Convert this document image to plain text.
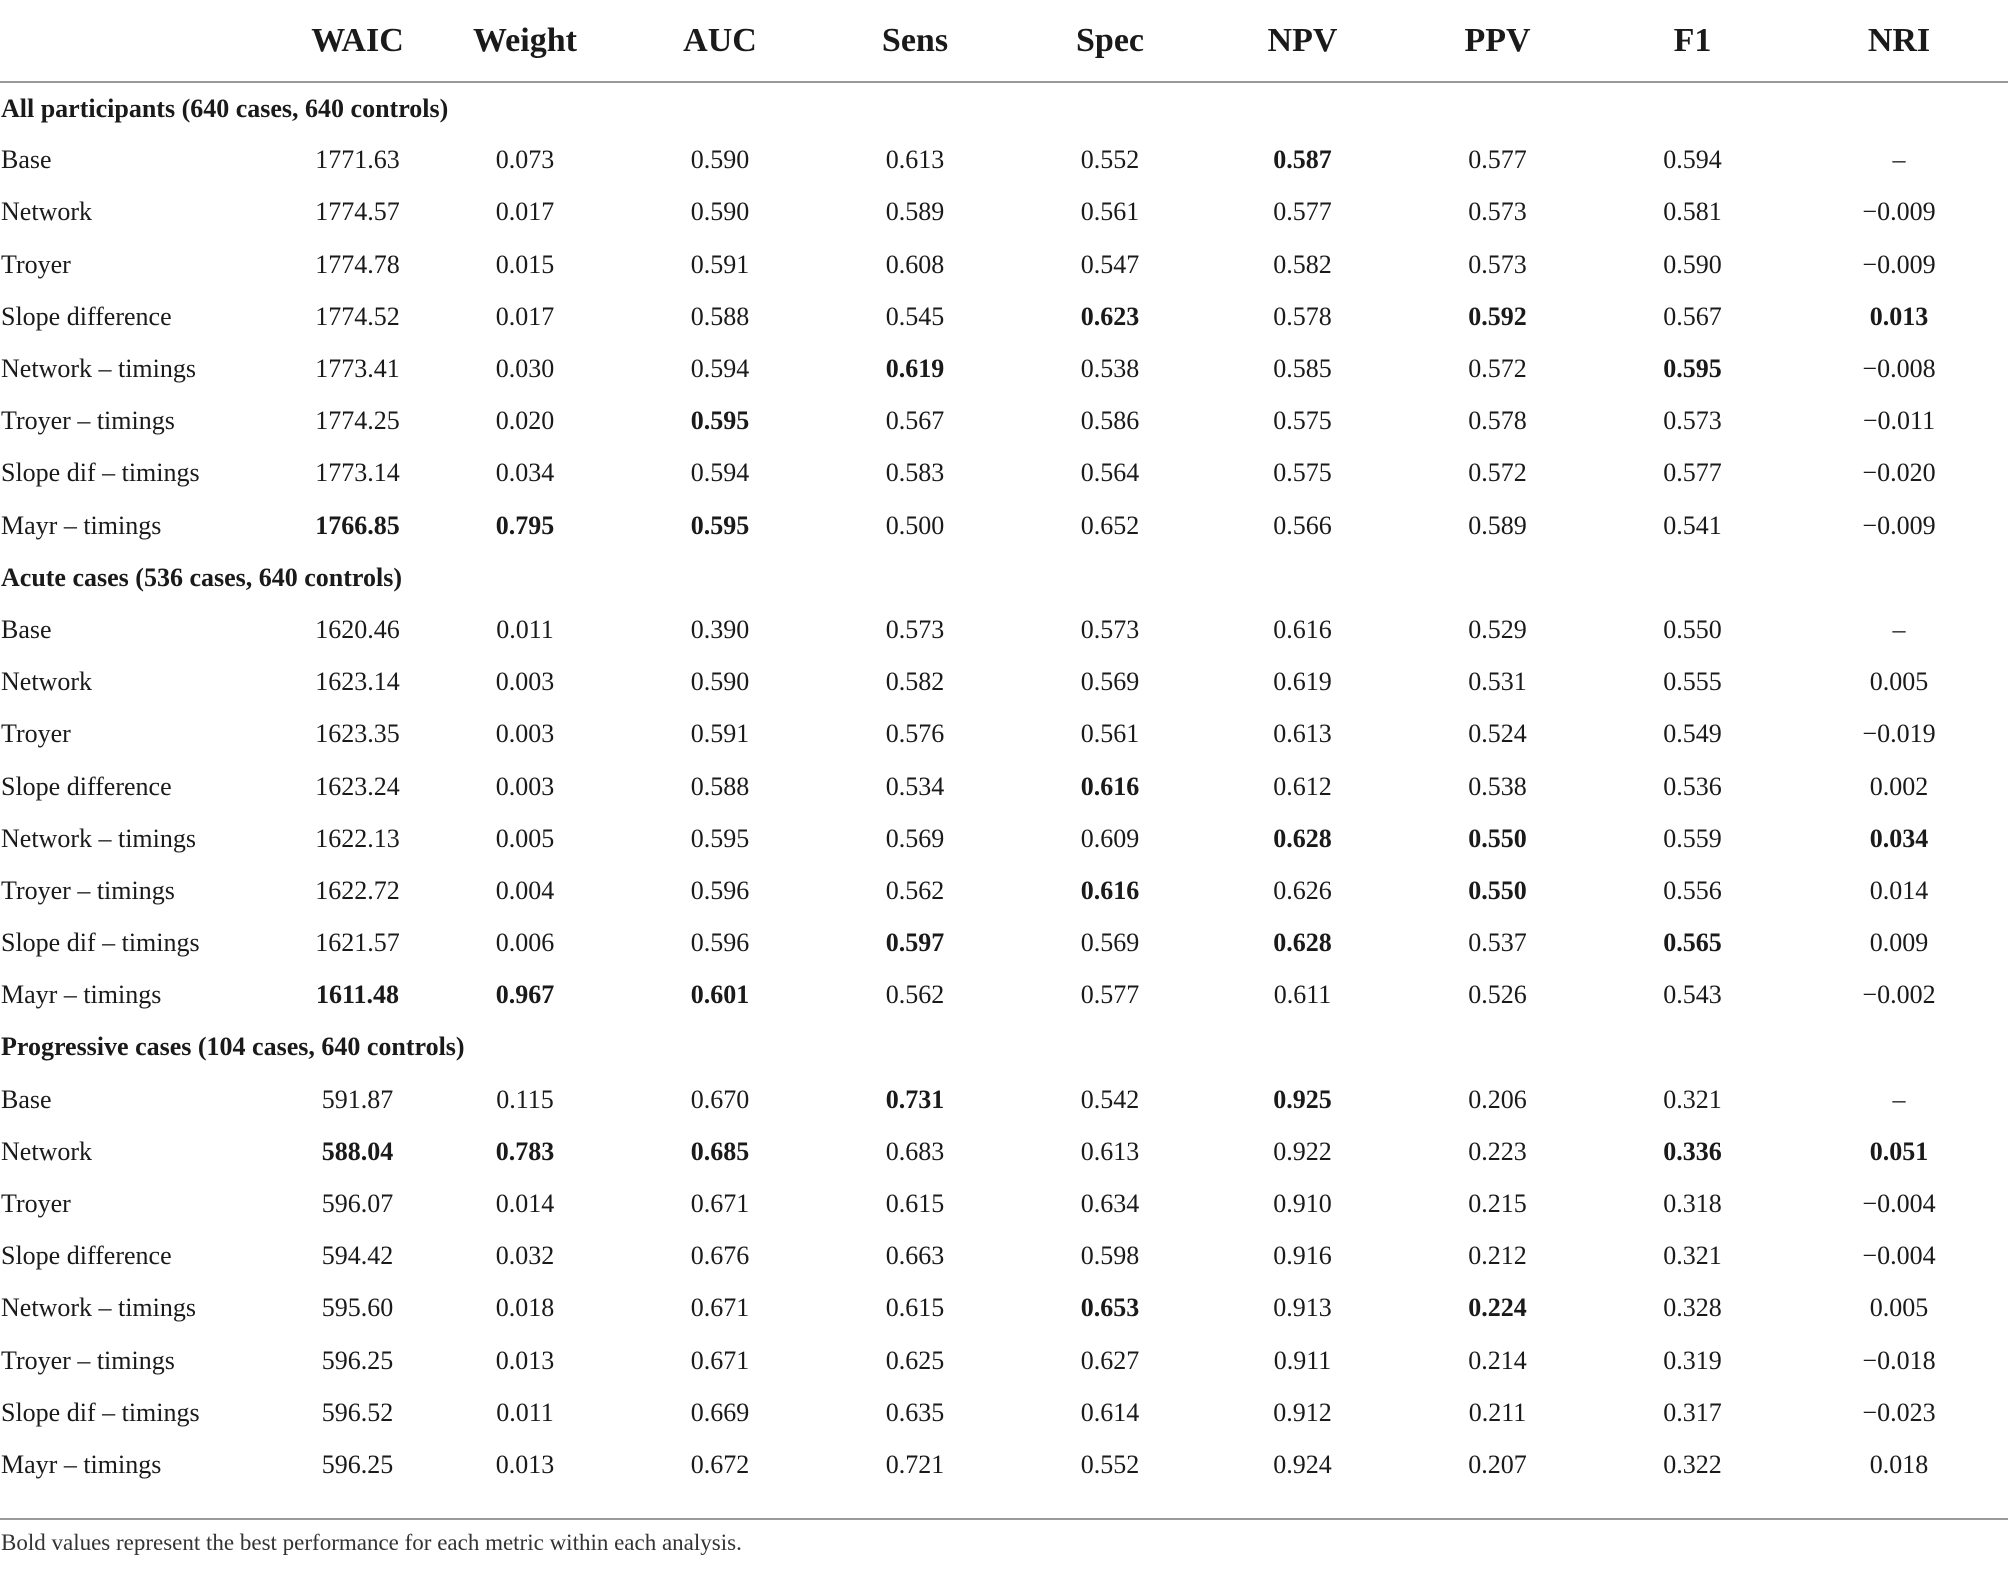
	WAIC	Weight	AUC	Sens	Spec	NPV	PPV	F1	NRI
All participants (640 cases, 640 controls)									
Base	1771.63	0.073	0.590	0.613	0.552	0.587	0.577	0.594	–
Network	1774.57	0.017	0.590	0.589	0.561	0.577	0.573	0.581	−0.009
Troyer	1774.78	0.015	0.591	0.608	0.547	0.582	0.573	0.590	−0.009
Slope difference	1774.52	0.017	0.588	0.545	0.623	0.578	0.592	0.567	0.013
Network – timings	1773.41	0.030	0.594	0.619	0.538	0.585	0.572	0.595	−0.008
Troyer – timings	1774.25	0.020	0.595	0.567	0.586	0.575	0.578	0.573	−0.011
Slope dif – timings	1773.14	0.034	0.594	0.583	0.564	0.575	0.572	0.577	−0.020
Mayr – timings	1766.85	0.795	0.595	0.500	0.652	0.566	0.589	0.541	−0.009
Acute cases (536 cases, 640 controls)									
Base	1620.46	0.011	0.390	0.573	0.573	0.616	0.529	0.550	–
Network	1623.14	0.003	0.590	0.582	0.569	0.619	0.531	0.555	0.005
Troyer	1623.35	0.003	0.591	0.576	0.561	0.613	0.524	0.549	−0.019
Slope difference	1623.24	0.003	0.588	0.534	0.616	0.612	0.538	0.536	0.002
Network – timings	1622.13	0.005	0.595	0.569	0.609	0.628	0.550	0.559	0.034
Troyer – timings	1622.72	0.004	0.596	0.562	0.616	0.626	0.550	0.556	0.014
Slope dif – timings	1621.57	0.006	0.596	0.597	0.569	0.628	0.537	0.565	0.009
Mayr – timings	1611.48	0.967	0.601	0.562	0.577	0.611	0.526	0.543	−0.002
Progressive cases (104 cases, 640 controls)									
Base	591.87	0.115	0.670	0.731	0.542	0.925	0.206	0.321	–
Network	588.04	0.783	0.685	0.683	0.613	0.922	0.223	0.336	0.051
Troyer	596.07	0.014	0.671	0.615	0.634	0.910	0.215	0.318	−0.004
Slope difference	594.42	0.032	0.676	0.663	0.598	0.916	0.212	0.321	−0.004
Network – timings	595.60	0.018	0.671	0.615	0.653	0.913	0.224	0.328	0.005
Troyer – timings	596.25	0.013	0.671	0.625	0.627	0.911	0.214	0.319	−0.018
Slope dif – timings	596.52	0.011	0.669	0.635	0.614	0.912	0.211	0.317	−0.023
Mayr – timings	596.25	0.013	0.672	0.721	0.552	0.924	0.207	0.322	0.018
Bold values represent the best performance for each metric within each analysis.
